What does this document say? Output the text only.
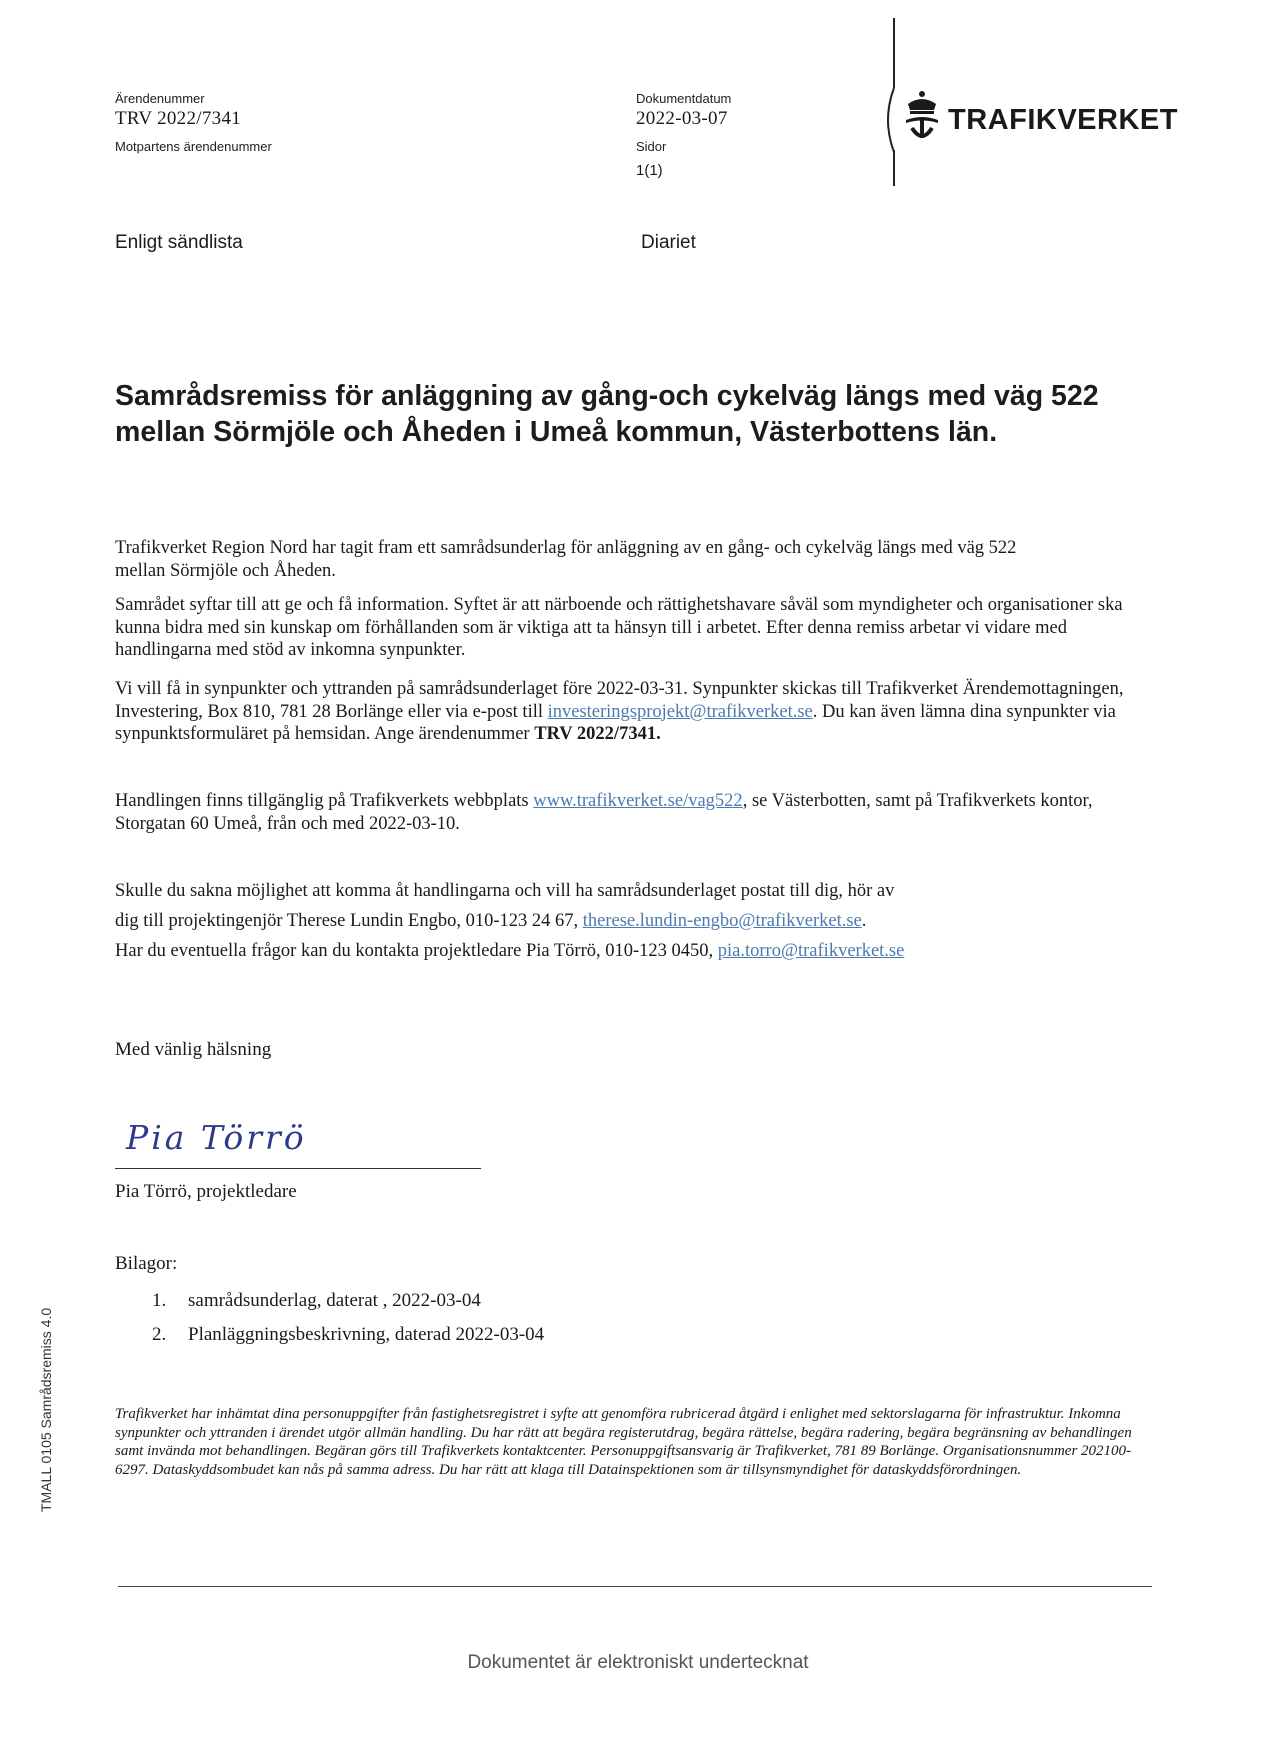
Ärendenummer
TRV 2022/7341
Motpartens ärendenummer
Dokumentdatum
2022-03-07
Sidor
1(1)
TRAFIKVERKET
Enligt sändlista	Diariet
Samrådsremiss för anläggning av gång-och cykelväg längs med väg 522 mellan Sörmjöle och Åheden i Umeå kommun, Västerbottens län.

Trafikverket Region Nord har tagit fram ett samrådsunderlag för anläggning av en gång- och cykelväg längs med väg 522 mellan Sörmjöle och Åheden.

Samrådet syftar till att ge och få information. Syftet är att närboende och rättighetshavare såväl som myndigheter och organisationer ska kunna bidra med sin kunskap om förhållanden som är viktiga att ta hänsyn till i arbetet. Efter denna remiss arbetar vi vidare med handlingarna med stöd av inkomna synpunkter.

Vi vill få in synpunkter och yttranden på samrådsunderlaget före 2022-03-31. Synpunkter skickas till Trafikverket Ärendemottagningen, Investering, Box 810, 781 28 Borlänge eller via e-post till investeringsprojekt@trafikverket.se. Du kan även lämna dina synpunkter via synpunktsformuläret på hemsidan. Ange ärendenummer TRV 2022/7341.

Handlingen finns tillgänglig på Trafikverkets webbplats www.trafikverket.se/vag522, se Västerbotten, samt på Trafikverkets kontor, Storgatan 60 Umeå, från och med 2022-03-10.

Skulle du sakna möjlighet att komma åt handlingarna och vill ha samrådsunderlaget postat till dig, hör av

dig till projektingenjör Therese Lundin Engbo, 010-123 24 67, therese.lundin-engbo@trafikverket.se.

Har du eventuella frågor kan du kontakta projektledare Pia Törrö, 010-123 0450, pia.torro@trafikverket.se

Med vänlig hälsning
Pia Törrö
Pia Törrö, projektledare
Bilagor:
1. samrådsunderlag, daterat , 2022-03-04
2. Planläggningsbeskrivning, daterad 2022-03-04
Trafikverket har inhämtat dina personuppgifter från fastighetsregistret i syfte att genomföra rubricerad åtgärd i enlighet med sektorslagarna för infrastruktur. Inkomna synpunkter och yttranden i ärendet utgör allmän handling. Du har rätt att begära registerutdrag, begära rättelse, begära radering, begära begränsning av behandlingen samt invända mot behandlingen. Begäran görs till Trafikverkets kontaktcenter. Personuppgiftsansvarig är Trafikverket, 781 89 Borlänge. Organisationsnummer 202100-6297. Dataskyddsombudet kan nås på samma adress. Du har rätt att klaga till Datainspektionen som är tillsynsmyndighet för dataskyddsförordningen.
TMALL 0105 Samrådsremiss 4.0
Dokumentet är elektroniskt undertecknat
